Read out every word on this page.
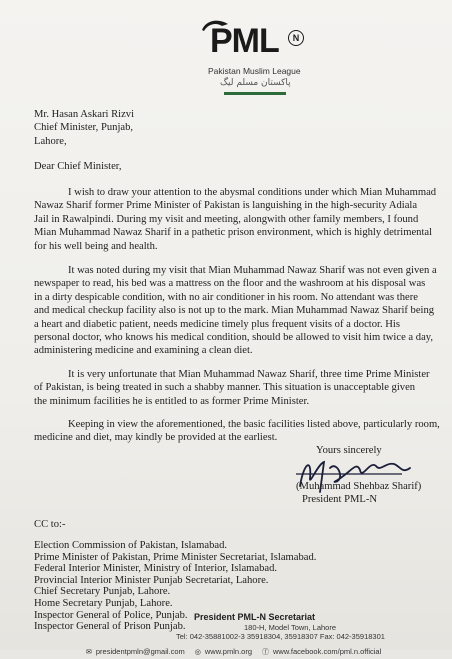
PML	N
Pakistan Muslim League
پاکستان مسلم لیگ
Mr. Hasan Askari Rizvi
Chief Minister, Punjab,
Lahore,
Dear Chief Minister,
I wish to draw your attention to the abysmal conditions under which Mian Muhammad
Nawaz Sharif former Prime Minister of Pakistan is languishing in the high-security Adiala
Jail in Rawalpindi. During my visit and meeting, alongwith other family members, I found
Mian Muhammad Nawaz Sharif in a pathetic prison environment, which is highly detrimental
for his well being and health.
It was noted during my visit that Mian Muhammad Nawaz Sharif was not even given a
newspaper to read, his bed was a mattress on the floor and the washroom at his disposal was
in a dirty despicable condition, with no air conditioner in his room. No attendant was there
and medical checkup facility also is not up to the mark. Mian Muhammad Nawaz Sharif being
a heart and diabetic patient, needs medicine timely plus frequent visits of a doctor. His
personal doctor, who knows his medical condition, should be allowed to visit him twice a day,
administering medicine and examining a clean diet.
It is very unfortunate that Mian Muhammad Nawaz Sharif, three time Prime Minister
of Pakistan, is being treated in such a shabby manner. This situation is unacceptable given
the minimum facilities he is entitled to as former Prime Minister.
Keeping in view the aforementioned, the basic facilities listed above, particularly room,
medicine and diet, may kindly be provided at the earliest.
Yours sincerely
(Muhammad Shehbaz Sharif)
President PML-N
CC to:-
Election Commission of Pakistan, Islamabad.
Prime Minister of Pakistan, Prime Minister Secretariat, Islamabad.
Federal Interior Minister, Ministry of Interior, Islamabad.
Provincial Interior Minister Punjab Secretariat, Lahore.
Chief Secretary Punjab, Lahore.
Home Secretary Punjab, Lahore.
Inspector General of Police, Punjab.
Inspector General of Prison Punjab.
President PML-N Secretariat
180-H, Model Town, Lahore
Tel: 042-35881002-3 35918304, 35918307 Fax: 042-35918301
✉ presidentpmln@gmail.com ◎ www.pmln.org ⓕ www.facebook.com/pml.n.official
